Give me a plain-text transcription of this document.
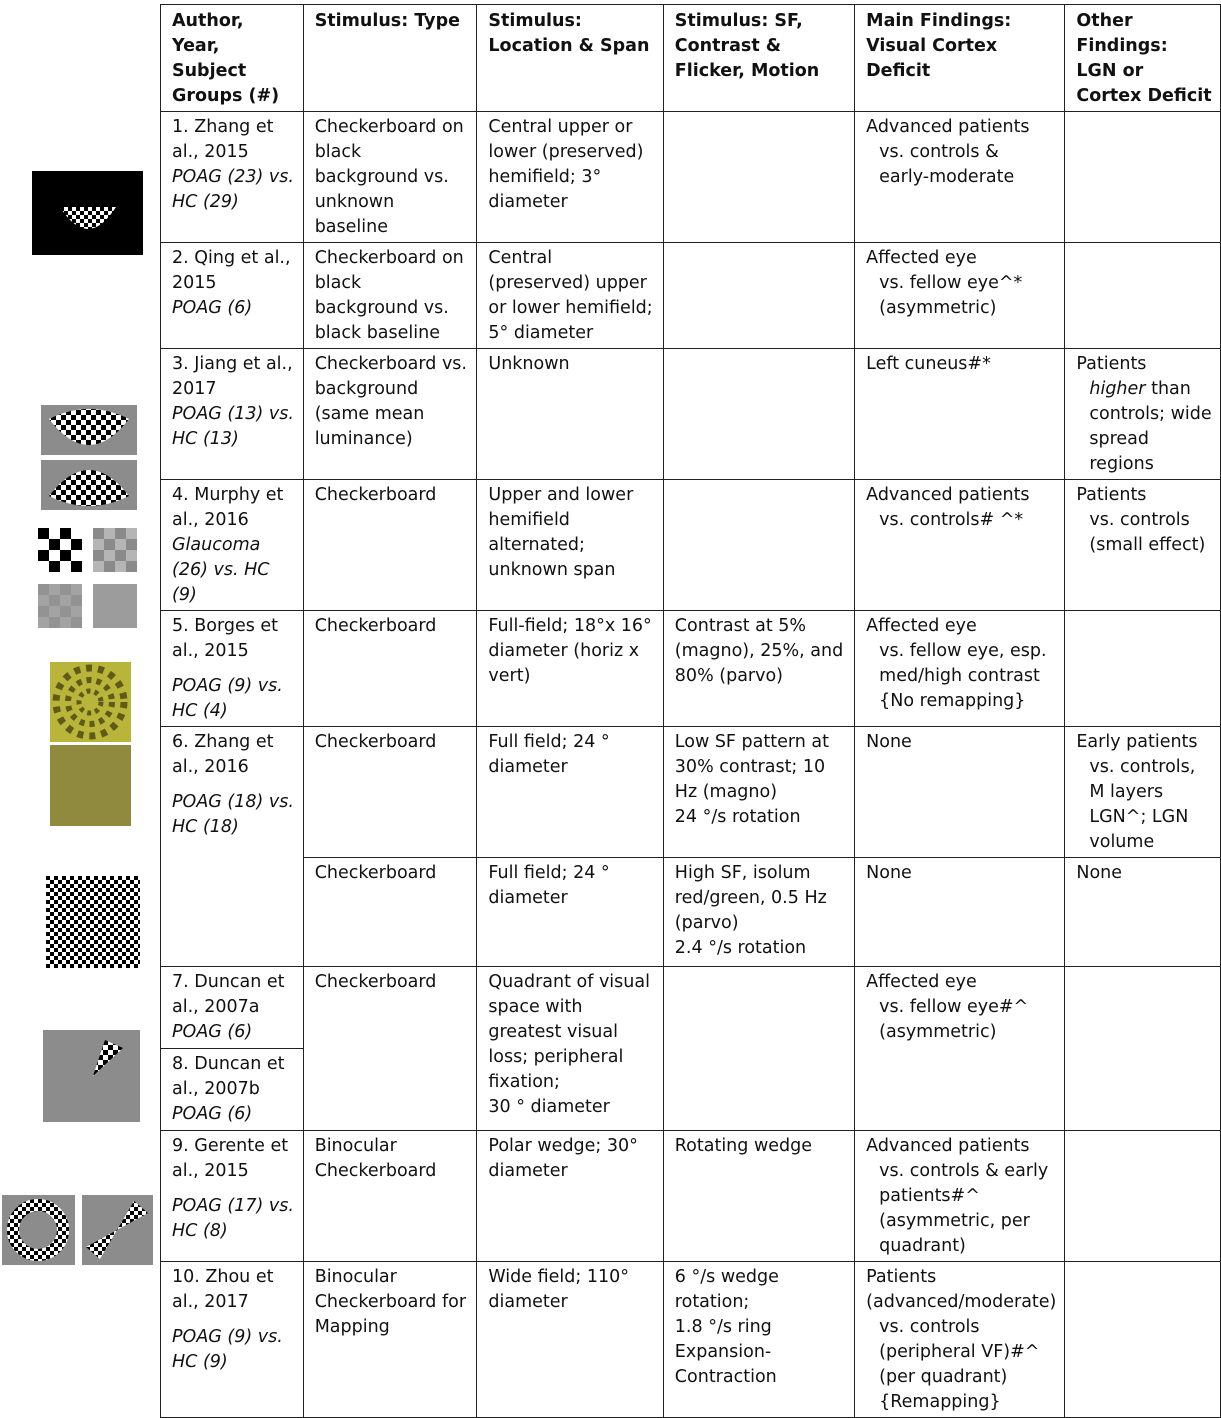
Author, Year, Subject Groups (#)	Stimulus: Type	Stimulus: Location & Span	Stimulus: SF, Contrast & Flicker, Motion	Main Findings: Visual Cortex Deficit	Other Findings: LGN or Cortex Deficit

1. Zhang et al., 2015
POAG (23) vs. HC (29)	Checkerboard on black background vs. unknown baseline	Central upper or lower (preserved) hemifield; 3° diameter		Advanced patients
vs. controls &
early-moderate	

2. Qing et al., 2015
POAG (6)	Checkerboard on black background vs. black baseline	Central (preserved) upper or lower hemifield; 5° diameter		Affected eye
vs. fellow eye^*
(asymmetric)	

3. Jiang et al., 2017
POAG (13) vs. HC (13)	Checkerboard vs. background (same mean luminance)	Unknown		Left cuneus#*	Patients
higher than controls; wide spread regions

4. Murphy et al., 2016
Glaucoma (26) vs. HC (9)	Checkerboard	Upper and lower hemifield alternated; unknown span		Advanced patients
vs. controls# ^*	Patients
vs. controls
(small effect)

5. Borges et al., 2015
POAG (9) vs. HC (4)	Checkerboard	Full-field; 18°x 16° diameter (horiz x vert)	Contrast at 5% (magno), 25%, and 80% (parvo)	Affected eye
vs. fellow eye, esp. med/high contrast {No remapping}	

6. Zhang et al., 2016
POAG (18) vs. HC (18)	Checkerboard	Full field; 24 ° diameter	Low SF pattern at 30% contrast; 10 Hz (magno)
24 °/s rotation	None	Early patients
vs. controls, M layers LGN^; LGN volume

	Checkerboard	Full field; 24 ° diameter	High SF, isolum red/green, 0.5 Hz (parvo)
2.4 °/s rotation	None	None

7. Duncan et al., 2007a
POAG (6)	Checkerboard	Quadrant of visual space with greatest visual loss; peripheral fixation;
30 ° diameter		Affected eye
vs. fellow eye#^
(asymmetric)	

8. Duncan et al., 2007b
POAG (6)					

9. Gerente et al., 2015
POAG (17) vs. HC (8)	Binocular Checkerboard	Polar wedge; 30° diameter	Rotating wedge	Advanced patients
vs. controls & early patients#^
(asymmetric, per quadrant)	

10. Zhou et al., 2017
POAG (9) vs. HC (9)	Binocular Checkerboard for Mapping	Wide field; 110° diameter	6 °/s wedge rotation;
1.8 °/s ring Expansion-Contraction	Patients (advanced/moderate)
vs. controls (peripheral VF)#^
(per quadrant) {Remapping}	
